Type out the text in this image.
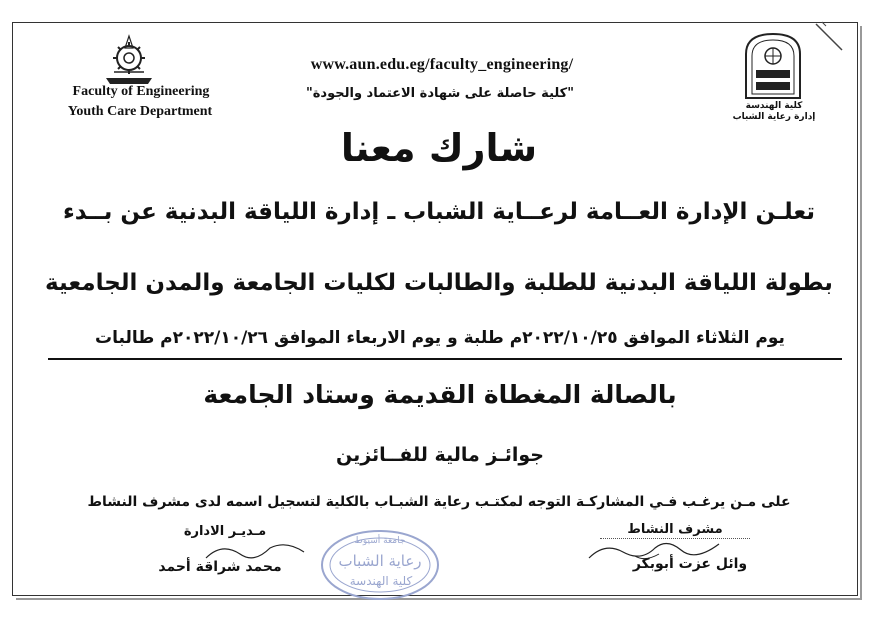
Faculty of Engineering
Youth Care Department
www.aun.edu.eg/faculty_engineering/
"كلية حاصلة على شهادة الاعتماد والجودة"
كلية الهندسة
إدارة رعاية الشباب
شارك معنا
تعلـن الإدارة العــامة لرعــاية الشباب ـ إدارة اللياقة البدنية عن بــدء
بطولة اللياقة البدنية للطلبة والطالبات لكليات الجامعة والمدن الجامعية
يوم الثلاثاء الموافق ٢٠٢٢/١٠/٢٥م طلبة و يوم الاربعاء الموافق ٢٠٢٢/١٠/٢٦م طالبات
بالصالة المغطاة القديمة وستاد الجامعة
جوائـز مالية للفــائزين
على مـن يرغـب فـي المشاركـة التوجه لمكتـب رعاية الشبـاب بالكلية لتسجيل اسمه لدى مشرف النشاط
مشرف النشاط
وائل عزت أبوبكر
مـديـر الادارة
محمد شراقة أحمد
جامعة أسيوط
رعاية الشباب
كلية الهندسة
